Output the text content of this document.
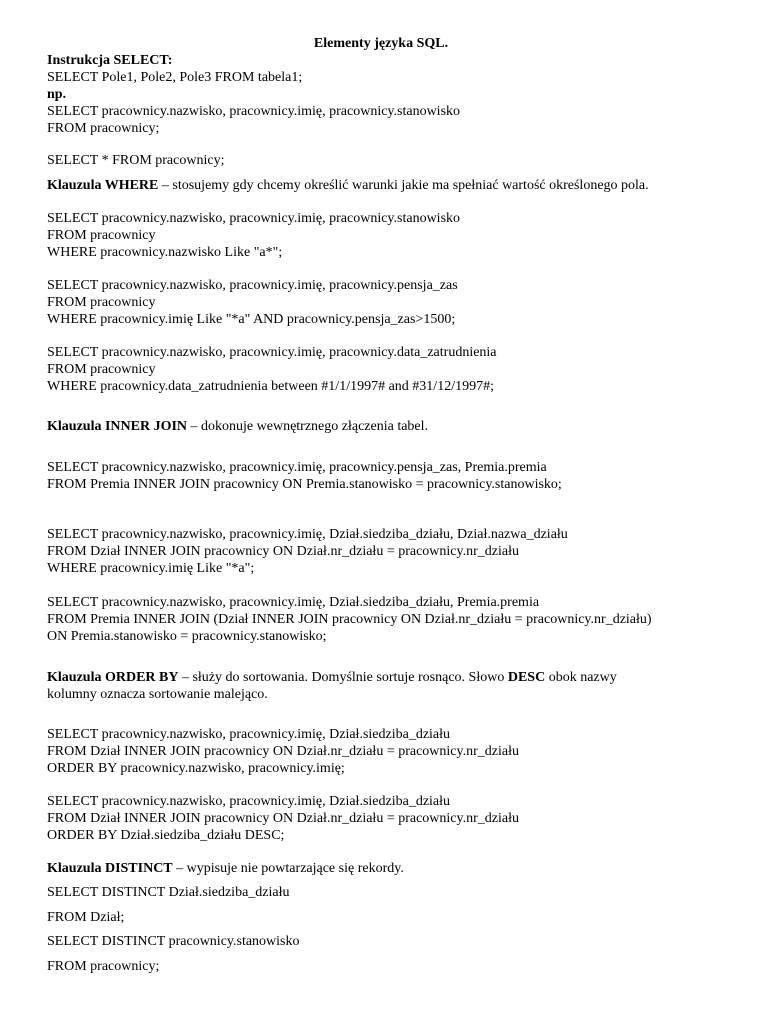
Elementy języka SQL.
Instrukcja SELECT:
SELECT Pole1, Pole2, Pole3 FROM tabela1;
np.
SELECT pracownicy.nazwisko, pracownicy.imię, pracownicy.stanowisko
FROM pracownicy;
SELECT * FROM pracownicy;
Klauzula WHERE – stosujemy gdy chcemy określić warunki jakie ma spełniać wartość określonego pola.
SELECT pracownicy.nazwisko, pracownicy.imię, pracownicy.stanowisko
FROM pracownicy
WHERE pracownicy.nazwisko Like "a*";
SELECT pracownicy.nazwisko, pracownicy.imię, pracownicy.pensja_zas
FROM pracownicy
WHERE pracownicy.imię Like "*a" AND pracownicy.pensja_zas>1500;
SELECT pracownicy.nazwisko, pracownicy.imię, pracownicy.data_zatrudnienia
FROM pracownicy
WHERE pracownicy.data_zatrudnienia between #1/1/1997# and #31/12/1997#;
Klauzula INNER JOIN – dokonuje wewnętrznego złączenia tabel.
SELECT pracownicy.nazwisko, pracownicy.imię, pracownicy.pensja_zas, Premia.premia
FROM Premia INNER JOIN pracownicy ON Premia.stanowisko = pracownicy.stanowisko;
SELECT pracownicy.nazwisko, pracownicy.imię, Dział.siedziba_działu, Dział.nazwa_działu
FROM Dział INNER JOIN pracownicy ON Dział.nr_działu = pracownicy.nr_działu
WHERE pracownicy.imię Like "*a";
SELECT pracownicy.nazwisko, pracownicy.imię, Dział.siedziba_działu, Premia.premia
FROM Premia INNER JOIN (Dział INNER JOIN pracownicy ON Dział.nr_działu = pracownicy.nr_działu)
ON Premia.stanowisko = pracownicy.stanowisko;
Klauzula ORDER BY – służy do sortowania. Domyślnie sortuje rosnąco. Słowo DESC obok nazwy
kolumny oznacza sortowanie malejąco.
SELECT pracownicy.nazwisko, pracownicy.imię, Dział.siedziba_działu
FROM Dział INNER JOIN pracownicy ON Dział.nr_działu = pracownicy.nr_działu
ORDER BY pracownicy.nazwisko, pracownicy.imię;
SELECT pracownicy.nazwisko, pracownicy.imię, Dział.siedziba_działu
FROM Dział INNER JOIN pracownicy ON Dział.nr_działu = pracownicy.nr_działu
ORDER BY Dział.siedziba_działu DESC;
Klauzula DISTINCT – wypisuje nie powtarzające się rekordy.
SELECT DISTINCT Dział.siedziba_działu
FROM Dział;
SELECT DISTINCT pracownicy.stanowisko
FROM pracownicy;
